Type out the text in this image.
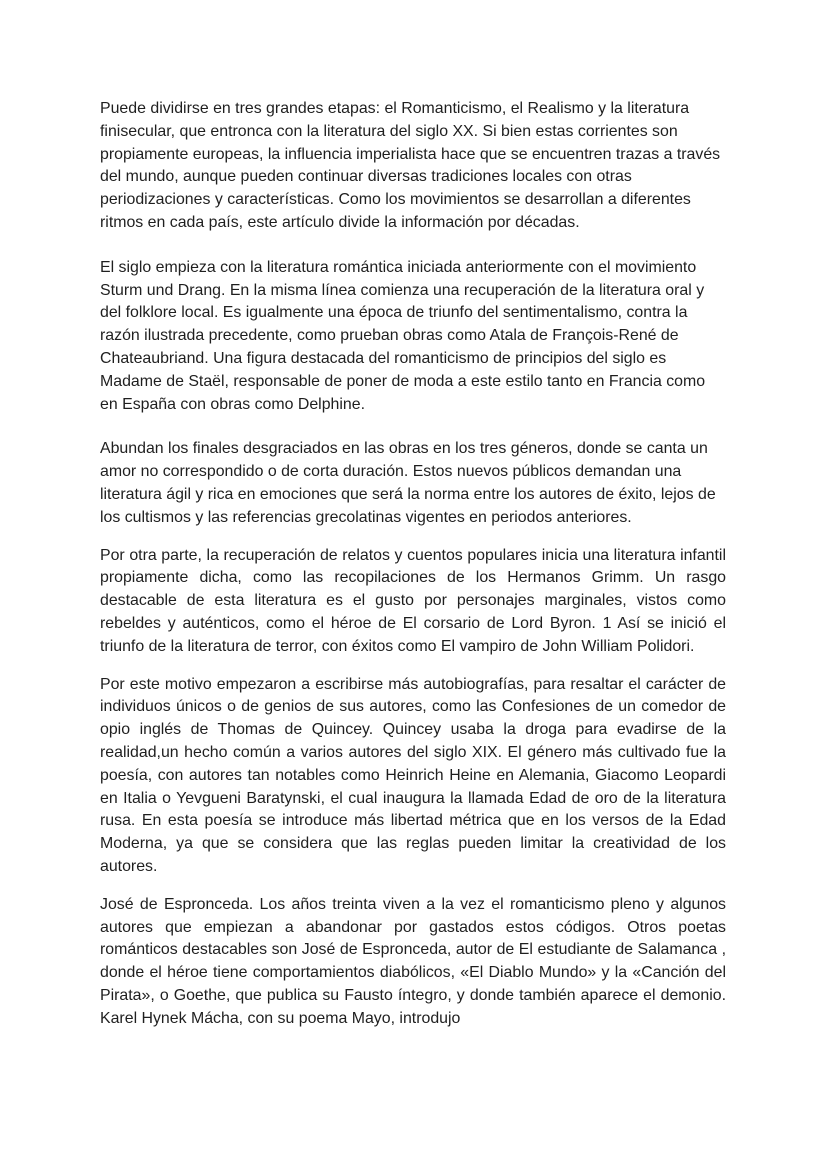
Puede dividirse en tres grandes etapas: el Romanticismo, el Realismo y la literatura finisecular, que entronca con la literatura del siglo XX. Si bien estas corrientes son propiamente europeas, la influencia imperialista hace que se encuentren trazas a través del mundo, aunque pueden continuar diversas tradiciones locales con otras periodizaciones y características. Como los movimientos se desarrollan a diferentes ritmos en cada país, este artículo divide la información por décadas.

El siglo empieza con la literatura romántica iniciada anteriormente con el movimiento Sturm und Drang. En la misma línea comienza una recuperación de la literatura oral y del folklore local. Es igualmente una época de triunfo del sentimentalismo, contra la razón ilustrada precedente, como prueban obras como Atala de François-René de Chateaubriand. Una figura destacada del romanticismo de principios del siglo es Madame de Staël, responsable de poner de moda a este estilo tanto en Francia como en España con obras como Delphine.

Abundan los finales desgraciados en las obras en los tres géneros, donde se canta un amor no correspondido o de corta duración. Estos nuevos públicos demandan una literatura ágil y rica en emociones que será la norma entre los autores de éxito, lejos de los cultismos y las referencias grecolatinas vigentes en periodos anteriores.

Por otra parte, la recuperación de relatos y cuentos populares inicia una literatura infantil propiamente dicha, como las recopilaciones de los Hermanos Grimm. Un rasgo destacable de esta literatura es el gusto por personajes marginales, vistos como rebeldes y auténticos, como el héroe de El corsario de Lord Byron. 1 Así se inició el triunfo de la literatura de terror, con éxitos como El vampiro de John William Polidori.

Por este motivo empezaron a escribirse más autobiografías, para resaltar el carácter de individuos únicos o de genios de sus autores, como las Confesiones de un comedor de opio inglés de Thomas de Quincey. Quincey usaba la droga para evadirse de la realidad,un hecho común a varios autores del siglo XIX. El género más cultivado fue la poesía, con autores tan notables como Heinrich Heine en Alemania, Giacomo Leopardi en Italia o Yevgueni Baratynski, el cual inaugura la llamada Edad de oro de la literatura rusa. En esta poesía se introduce más libertad métrica que en los versos de la Edad Moderna, ya que se considera que las reglas pueden limitar la creatividad de los autores.

José de Espronceda. Los años treinta viven a la vez el romanticismo pleno y algunos autores que empiezan a abandonar por gastados estos códigos. Otros poetas románticos destacables son José de Espronceda, autor de El estudiante de Salamanca , donde el héroe tiene comportamientos diabólicos, «El Diablo Mundo» y la «Canción del Pirata», o Goethe, que publica su Fausto íntegro, y donde también aparece el demonio. Karel Hynek Mácha, con su poema Mayo, introdujo
